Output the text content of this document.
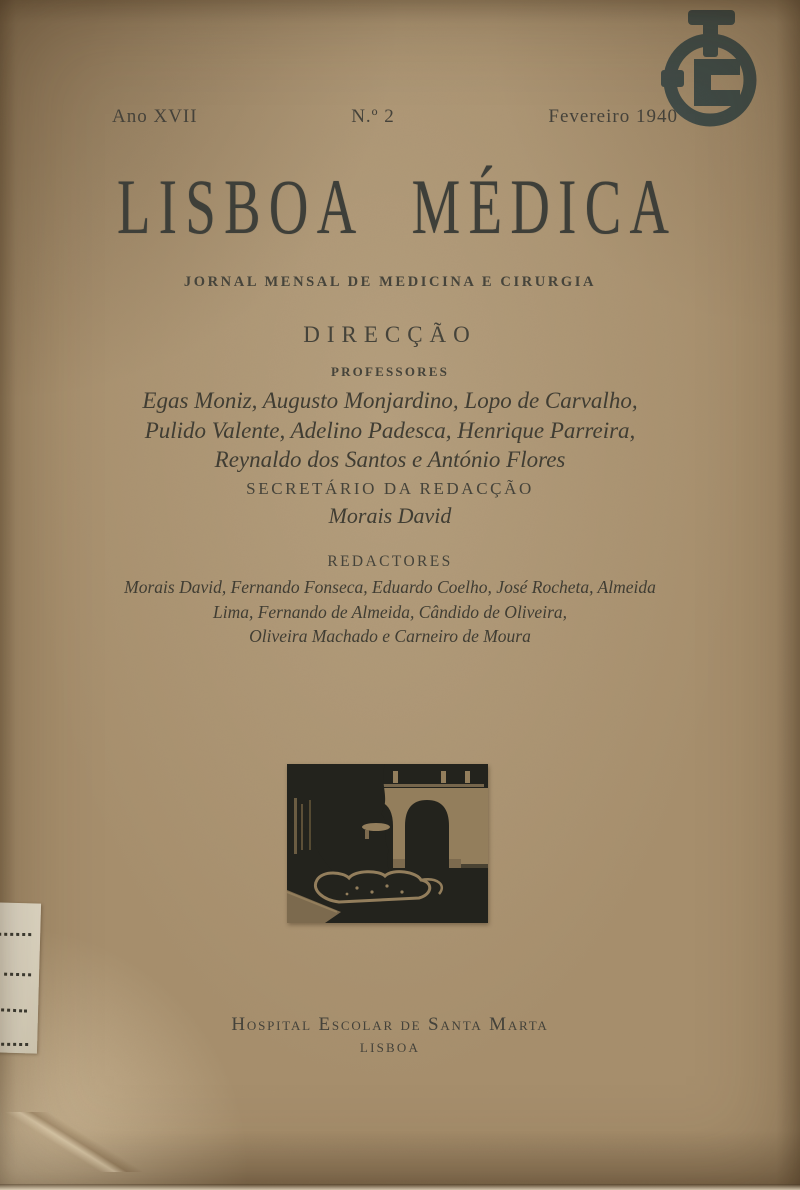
Ano XVII	N.º 2	Fevereiro 1940
LISBOA MÉDICA
JORNAL MENSAL DE MEDICINA E CIRURGIA
DIRECÇÃO
PROFESSORES
Egas Moniz, Augusto Monjardino, Lopo de Carvalho,
Pulido Valente, Adelino Padesca, Henrique Parreira,
Reynaldo dos Santos e António Flores
SECRETÁRIO DA REDACÇÃO
Morais David
REDACTORES
Morais David, Fernando Fonseca, Eduardo Coelho, José Rocheta, Almeida
Lima, Fernando de Almeida, Cândido de Oliveira,
Oliveira Machado e Carneiro de Moura
Hospital Escolar de Santa Marta
LISBOA
